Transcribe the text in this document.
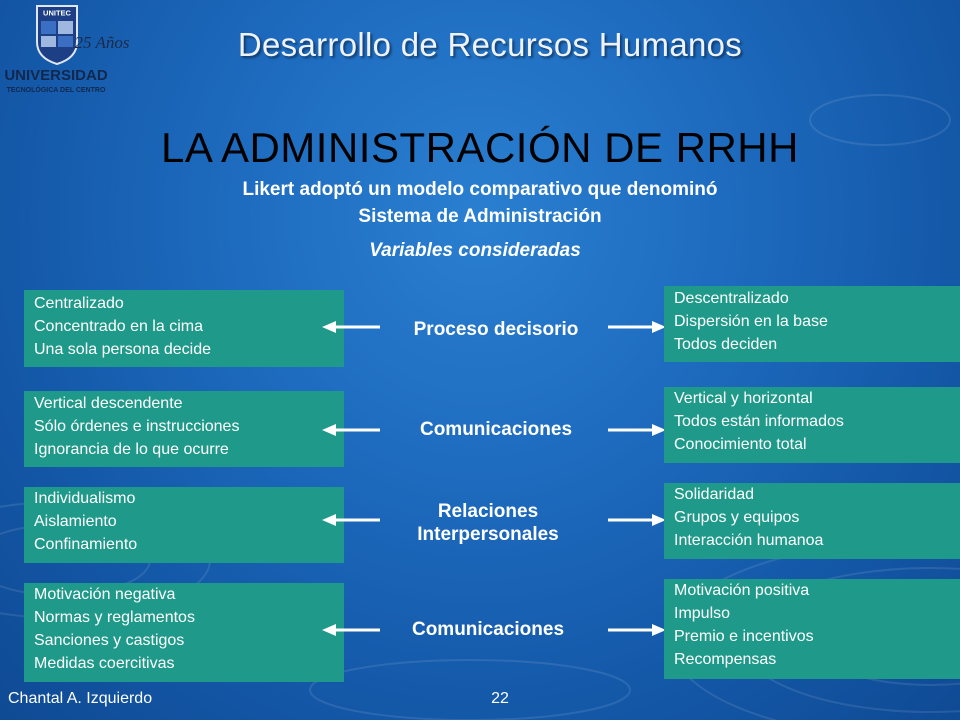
UNITEC
25 Años
UNIVERSIDAD
TECNOLÓGICA DEL CENTRO
Desarrollo de Recursos Humanos
LA ADMINISTRACIÓN DE RRHH
Likert adoptó un modelo comparativo que denominó
Sistema de Administración
Variables consideradas
Centralizado
Concentrado en la cima
Una sola persona decide
Proceso decisorio
Descentralizado
Dispersión en la base
Todos deciden
Vertical descendente
Sólo órdenes e instrucciones
Ignorancia de lo que ocurre
Comunicaciones
Vertical y horizontal
Todos están informados
Conocimiento total
Individualismo
Aislamiento
Confinamiento
Relaciones
Interpersonales
Solidaridad
Grupos y equipos
Interacción humanoa
Motivación negativa
Normas y reglamentos
Sanciones y castigos
Medidas coercitivas
Comunicaciones
Motivación positiva
Impulso
Premio e incentivos
Recompensas
Chantal A. Izquierdo	22
